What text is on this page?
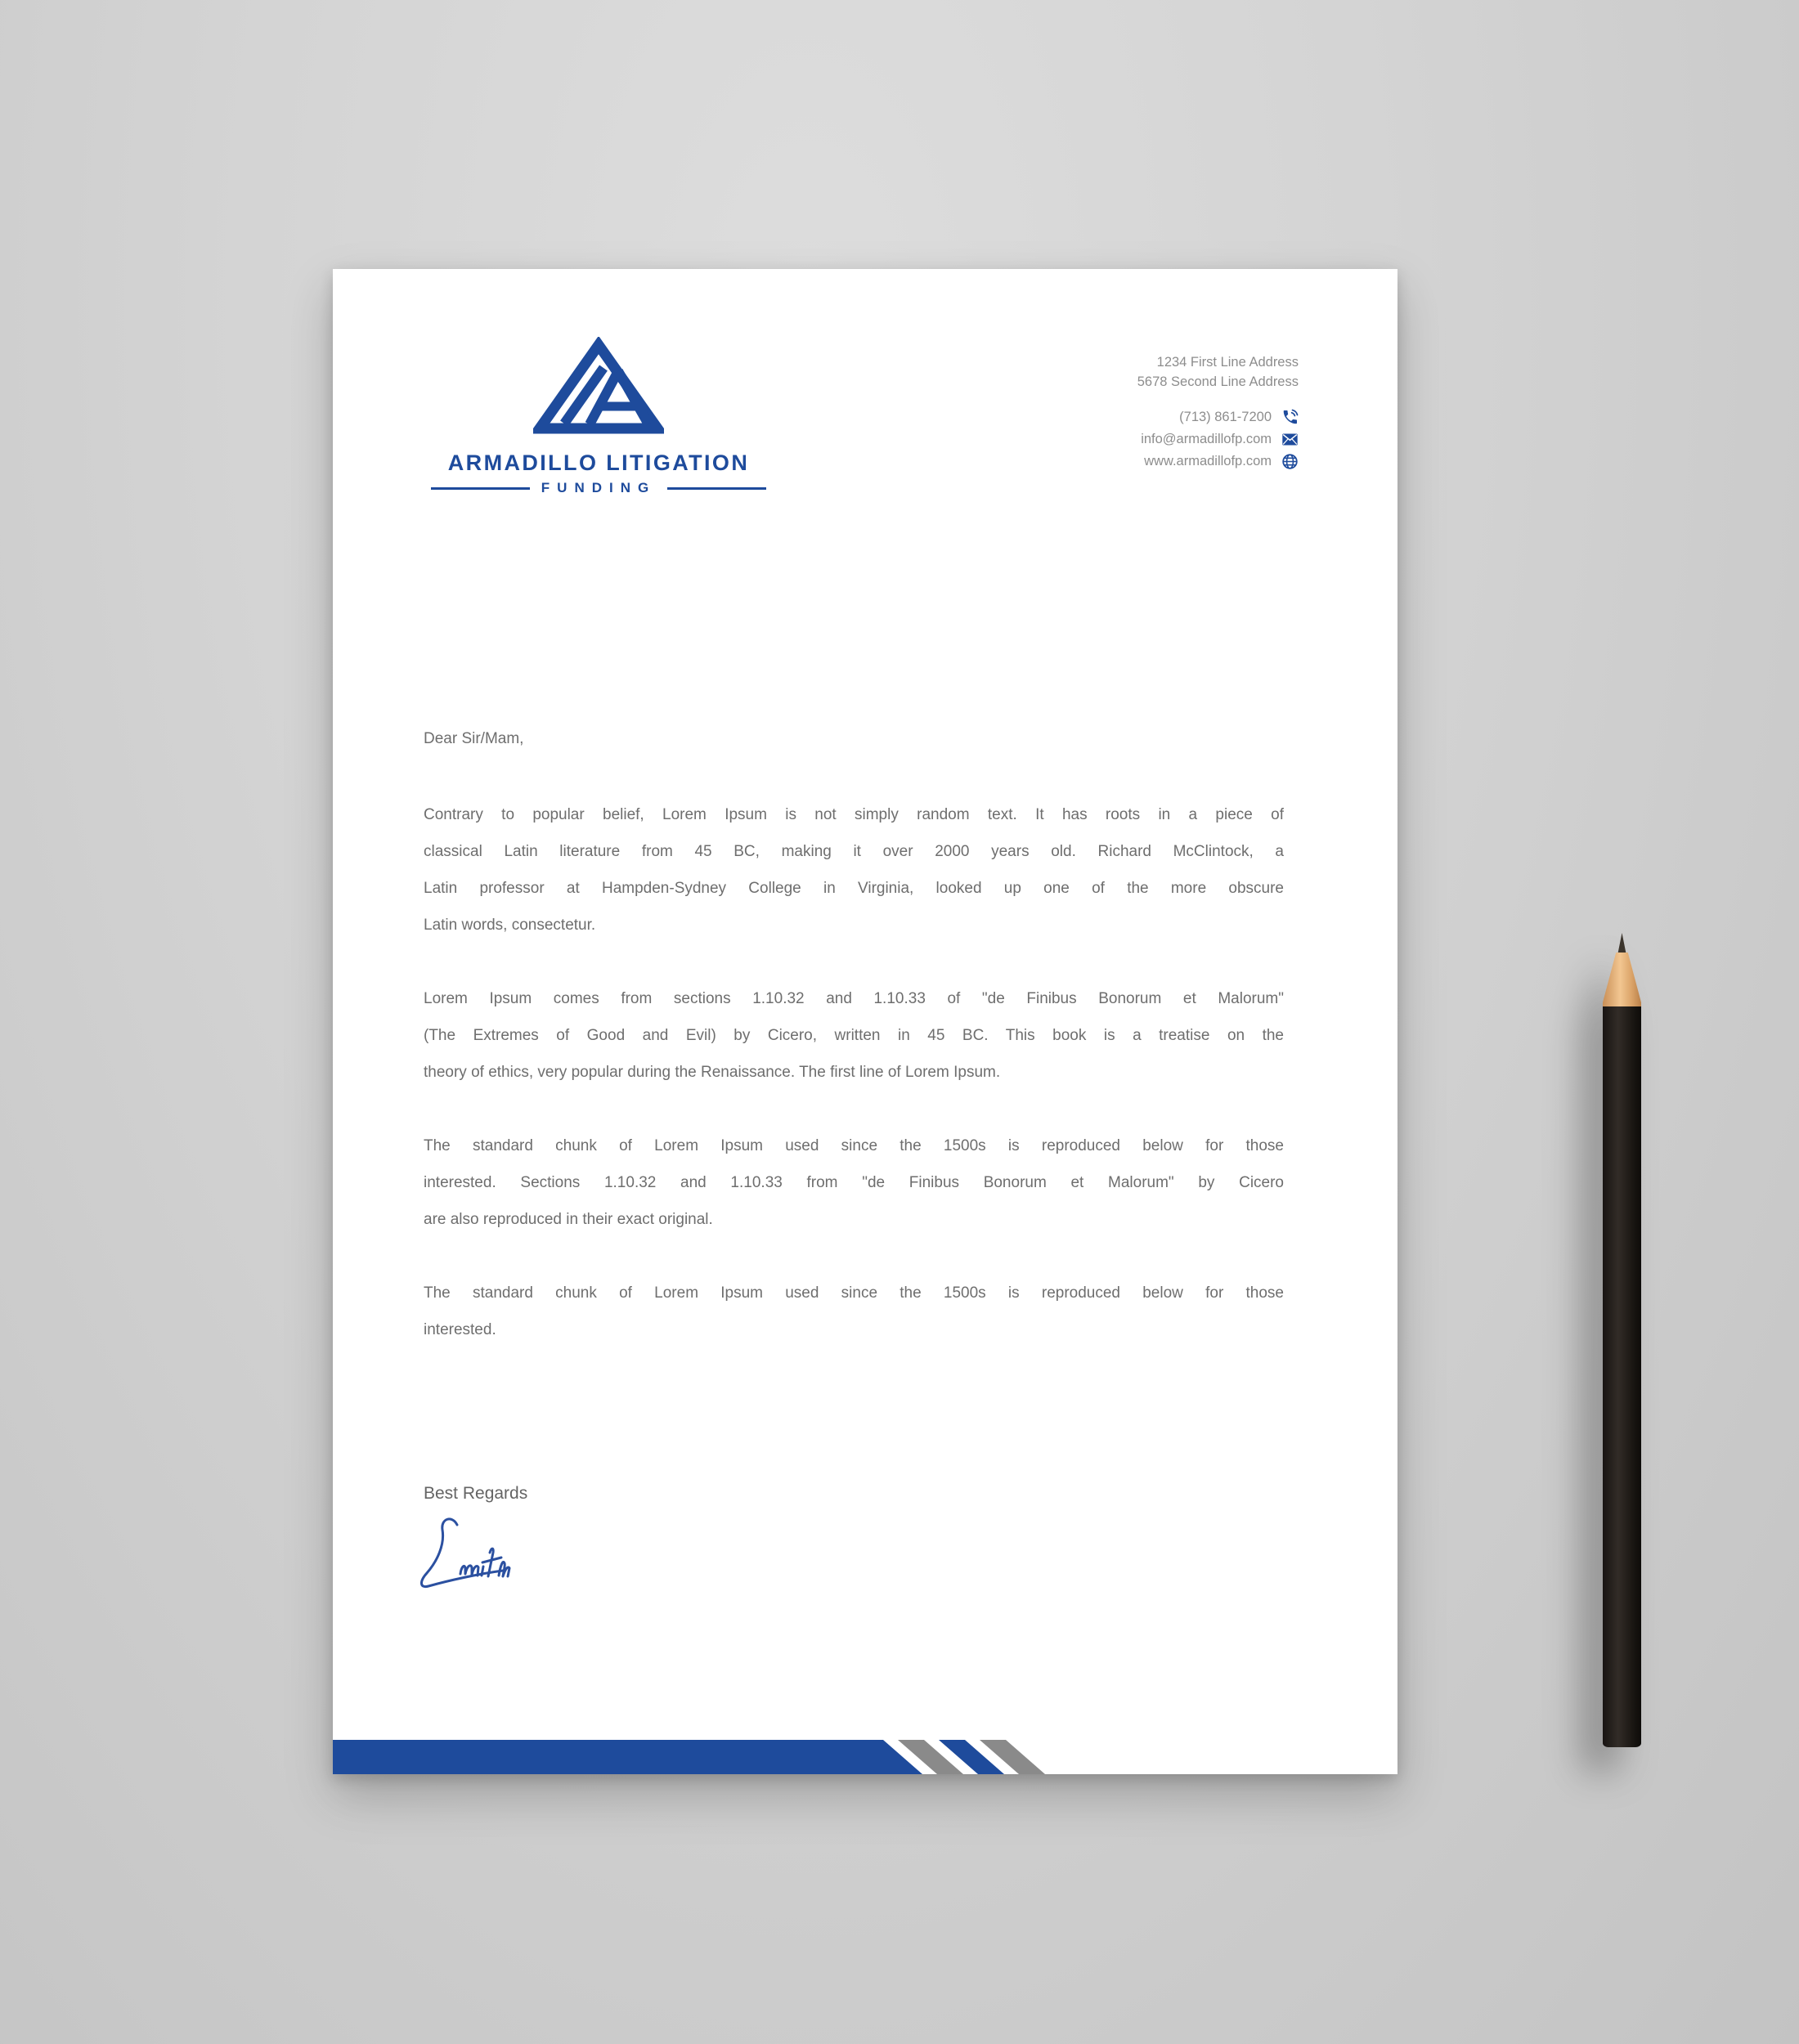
ARMADILLO LITIGATION
FUNDING
1234 First Line Address
5678 Second Line Address
(713) 861-7200
info@armadillofp.com
www.armadillofp.com
Dear Sir/Mam,
Contrary to popular belief, Lorem Ipsum is not simply random text. It has roots in a piece of
classical Latin literature from 45 BC, making it over 2000 years old. Richard McClintock, a
Latin professor at Hampden-Sydney College in Virginia, looked up one of the more obscure
Latin words, consectetur.
Lorem Ipsum comes from sections 1.10.32 and 1.10.33 of "de Finibus Bonorum et Malorum"
(The Extremes of Good and Evil) by Cicero, written in 45 BC. This book is a treatise on the
theory of ethics, very popular during the Renaissance. The first line of Lorem Ipsum.
The standard chunk of Lorem Ipsum used since the 1500s is reproduced below for those
interested. Sections 1.10.32 and 1.10.33 from "de Finibus Bonorum et Malorum" by Cicero
are also reproduced in their exact original.
The standard chunk of Lorem Ipsum used since the 1500s is reproduced below for those
interested.
Best Regards
